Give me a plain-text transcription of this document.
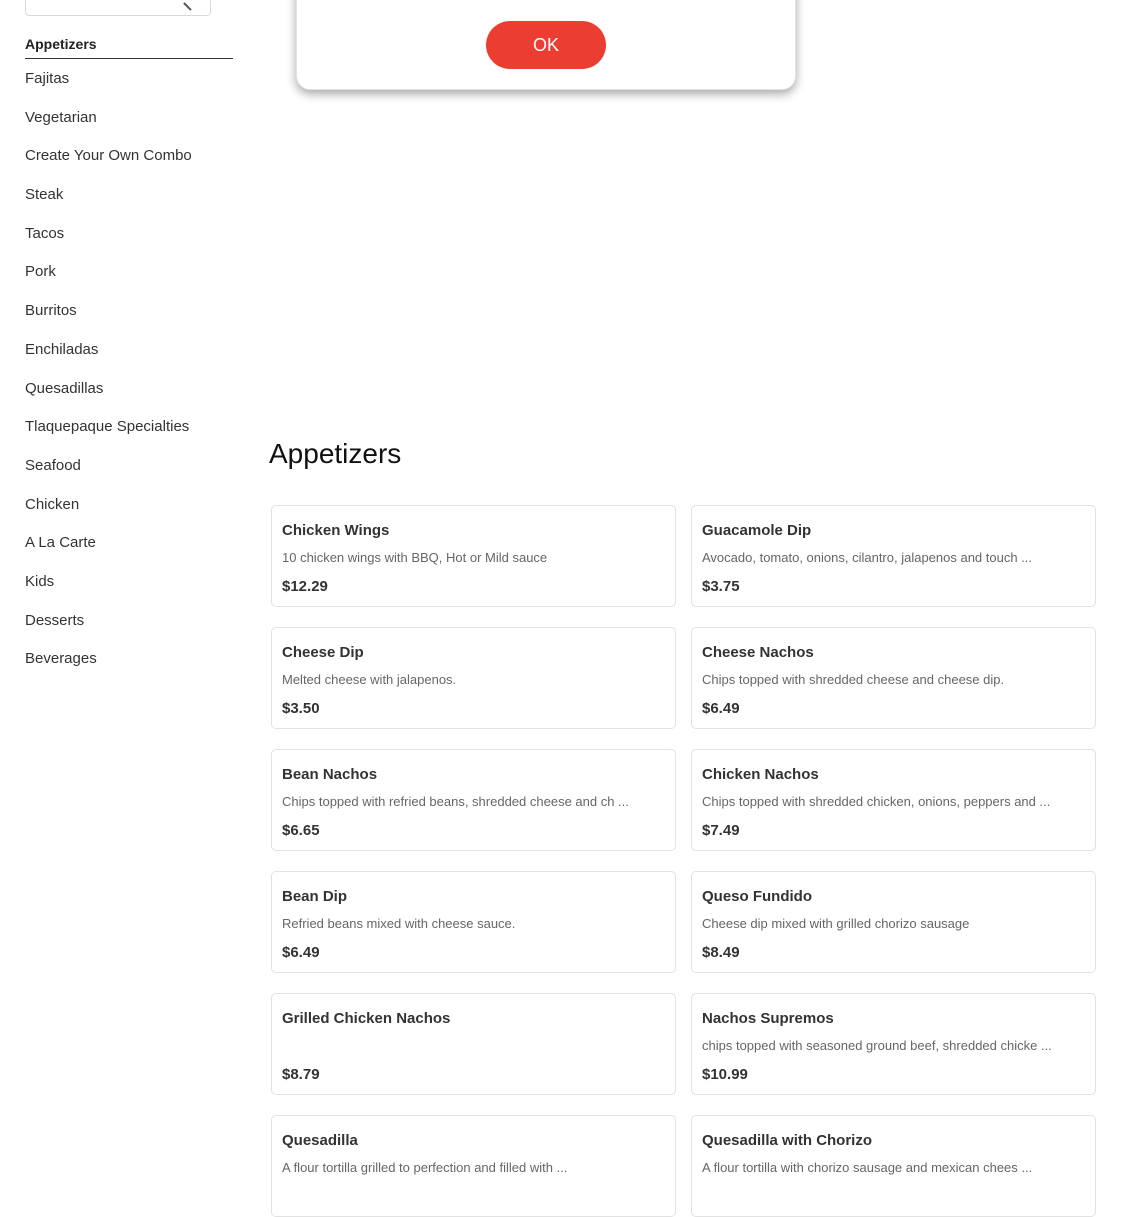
Appetizers
Fajitas
Vegetarian
Create Your Own Combo
Steak
Tacos
Pork
Burritos
Enchiladas
Quesadillas
Tlaquepaque Specialties
Seafood
Chicken
A La Carte
Kids
Desserts
Beverages
OK
Appetizers
Chicken Wings
10 chicken wings with BBQ, Hot or Mild sauce
$12.29
Guacamole Dip
Avocado, tomato, onions, cilantro, jalapenos and touch ...
$3.75
Cheese Dip
Melted cheese with jalapenos.
$3.50
Cheese Nachos
Chips topped with shredded cheese and cheese dip.
$6.49
Bean Nachos
Chips topped with refried beans, shredded cheese and ch ...
$6.65
Chicken Nachos
Chips topped with shredded chicken, onions, peppers and ...
$7.49
Bean Dip
Refried beans mixed with cheese sauce.
$6.49
Queso Fundido
Cheese dip mixed with grilled chorizo sausage
$8.49
Grilled Chicken Nachos
$8.79
Nachos Supremos
chips topped with seasoned ground beef, shredded chicke ...
$10.99
Quesadilla
A flour tortilla grilled to perfection and filled with ...
Quesadilla with Chorizo
A flour tortilla with chorizo sausage and mexican chees ...
